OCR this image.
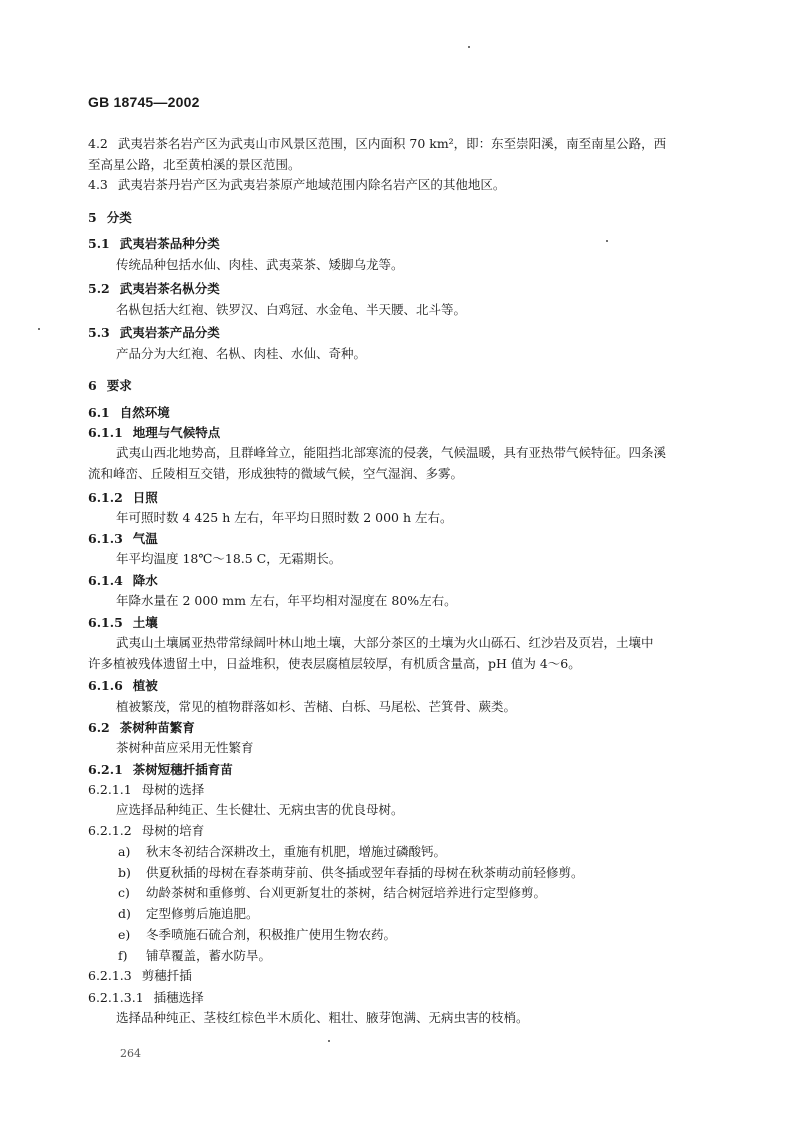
GB 18745—2002
4.2 武夷岩茶名岩产区为武夷山市风景区范围，区内面积 70 km²，即：东至崇阳溪，南至南星公路，西
至高星公路，北至黄柏溪的景区范围。
4.3 武夷岩茶丹岩产区为武夷岩茶原产地域范围内除名岩产区的其他地区。
5 分类
5.1 武夷岩茶品种分类
传统品种包括水仙、肉桂、武夷菜茶、矮脚乌龙等。
5.2 武夷岩茶名枞分类
名枞包括大红袍、铁罗汉、白鸡冠、水金龟、半天腰、北斗等。
5.3 武夷岩茶产品分类
产品分为大红袍、名枞、肉桂、水仙、奇种。
6 要求
6.1 自然环境
6.1.1 地理与气候特点
武夷山西北地势高，且群峰耸立，能阻挡北部寒流的侵袭，气候温暖，具有亚热带气候特征。四条溪
流和峰峦、丘陵相互交错，形成独特的微域气候，空气湿润、多雾。
6.1.2 日照
年可照时数 4 425 h 左右，年平均日照时数 2 000 h 左右。
6.1.3 气温
年平均温度 18℃～18.5 C，无霜期长。
6.1.4 降水
年降水量在 2 000 mm 左右，年平均相对湿度在 80%左右。
6.1.5 土壤
武夷山土壤属亚热带常绿阔叶林山地土壤，大部分茶区的土壤为火山砾石、红沙岩及页岩，土壤中
许多植被残体遗留土中，日益堆积，使表层腐植层较厚，有机质含量高，pH 值为 4～6。
6.1.6 植被
植被繁茂，常见的植物群落如杉、苦槠、白栎、马尾松、芒箕骨、蕨类。
6.2 茶树种苗繁育
茶树种苗应采用无性繁育
6.2.1 茶树短穗扦插育苗
6.2.1.1 母树的选择
应选择品种纯正、生长健壮、无病虫害的优良母树。
6.2.1.2 母树的培育
a) 秋末冬初结合深耕改土，重施有机肥，增施过磷酸钙。
b) 供夏秋插的母树在春茶萌芽前、供冬插或翌年春插的母树在秋茶萌动前轻修剪。
c) 幼龄茶树和重修剪、台刈更新复壮的茶树，结合树冠培养进行定型修剪。
d) 定型修剪后施追肥。
e) 冬季喷施石硫合剂，积极推广使用生物农药。
f) 铺草覆盖，蓄水防旱。
6.2.1.3 剪穗扦插
6.2.1.3.1 插穗选择
选择品种纯正、茎枝红棕色半木质化、粗壮、腋芽饱满、无病虫害的枝梢。
264
